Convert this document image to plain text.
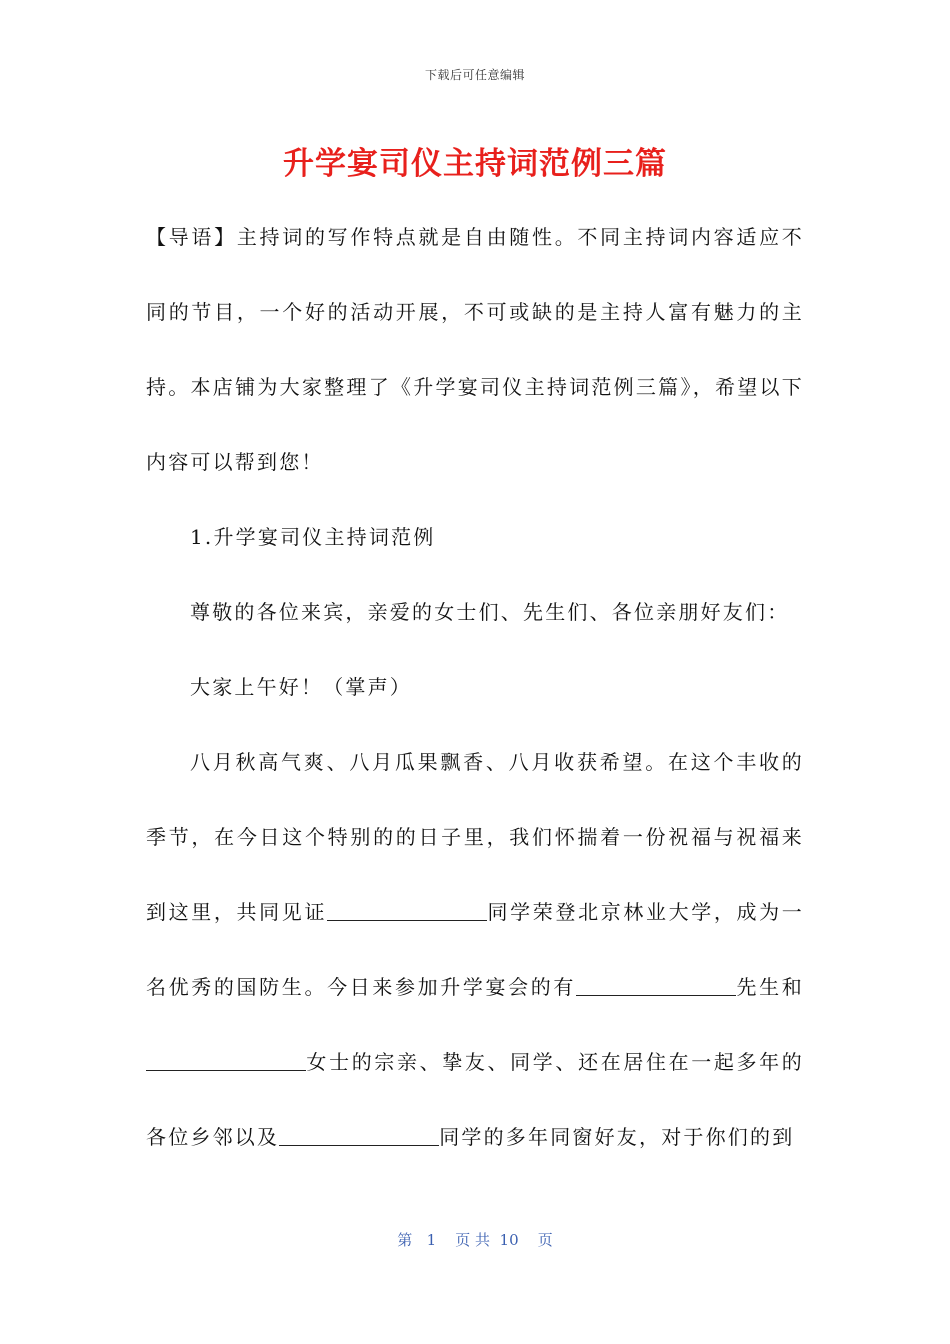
下载后可任意编辑
升学宴司仪主持词范例三篇

【导语】主持词的写作特点就是自由随性。不同主持词内容适应不同的节目，一个好的活动开展，不可或缺的是主持人富有魅力的主持。本店铺为大家整理了《升学宴司仪主持词范例三篇》，希望以下内容可以帮到您！

1.升学宴司仪主持词范例

尊敬的各位来宾，亲爱的女士们、先生们、各位亲朋好友们：

大家上午好！（掌声）

八月秋高气爽、八月瓜果飘香、八月收获希望。在这个丰收的季节，在今日这个特别的的日子里，我们怀揣着一份祝福与祝福来到这里，共同见证	同学荣登北京林业大学，成为一名优秀的国防生。今日来参加升学宴会的有	先生和女士的宗亲、挚友、同学、还在居住在一起多年的各位乡邻以及	同学的多年同窗好友，对于你们的到

第 1 页 共 10 页
